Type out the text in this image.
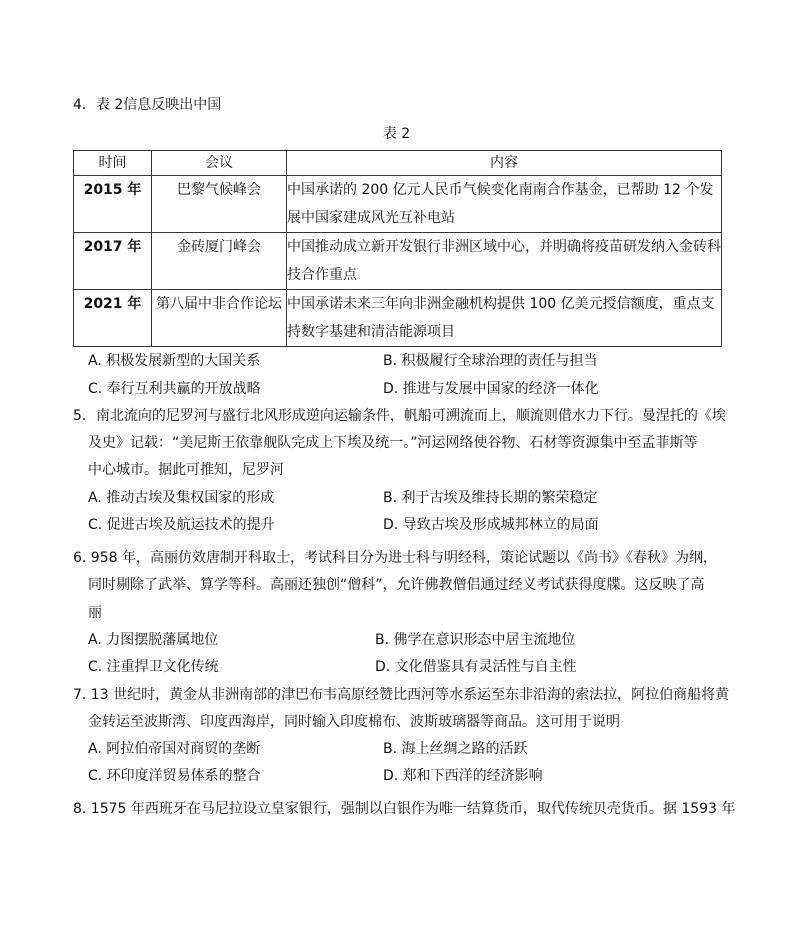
4．表 2信息反映出中国
表 2
时间	会议	内容
2015 年	巴黎气候峰会	中国承诺的 200 亿元人民币气候变化南南合作基金，已帮助 12 个发展中国家建成风光互补电站
2017 年	金砖厦门峰会	中国推动成立新开发银行非洲区域中心，并明确将疫苗研发纳入金砖科技合作重点
2021 年	第八届中非合作论坛	中国承诺未来三年向非洲金融机构提供 100 亿美元授信额度，重点支持数字基建和清洁能源项目
A. 积极发展新型的大国关系	B. 积极履行全球治理的责任与担当
C. 奉行互利共赢的开放战略	D. 推进与发展中国家的经济一体化
5．南北流向的尼罗河与盛行北风形成逆向运输条件，帆船可溯流而上，顺流则借水力下行。曼涅托的《埃
及史》记载：“美尼斯王依靠舰队完成上下埃及统一。”河运网络使谷物、石材等资源集中至孟菲斯等
中心城市。据此可推知，尼罗河
A. 推动古埃及集权国家的形成	B. 利于古埃及维持长期的繁荣稳定
C. 促进古埃及航运技术的提升	D. 导致古埃及形成城邦林立的局面
6. 958 年，高丽仿效唐制开科取士，考试科目分为进士科与明经科，策论试题以《尚书》《春秋》为纲，
同时剔除了武举、算学等科。高丽还独创“僧科”，允许佛教僧侣通过经义考试获得度牒。这反映了高
丽
A. 力图摆脱藩属地位	B. 佛学在意识形态中居主流地位
C. 注重捍卫文化传统	D. 文化借鉴具有灵活性与自主性
7. 13 世纪时，黄金从非洲南部的津巴布韦高原经赞比西河等水系运至东非沿海的索法拉，阿拉伯商船将黄
金转运至波斯湾、印度西海岸，同时输入印度棉布、波斯玻璃器等商品。这可用于说明
A. 阿拉伯帝国对商贸的垄断	B. 海上丝绸之路的活跃
C. 环印度洋贸易体系的整合	D. 郑和下西洋的经济影响
8. 1575 年西班牙在马尼拉设立皇家银行，强制以白银作为唯一结算货币，取代传统贝壳货币。据 1593 年
